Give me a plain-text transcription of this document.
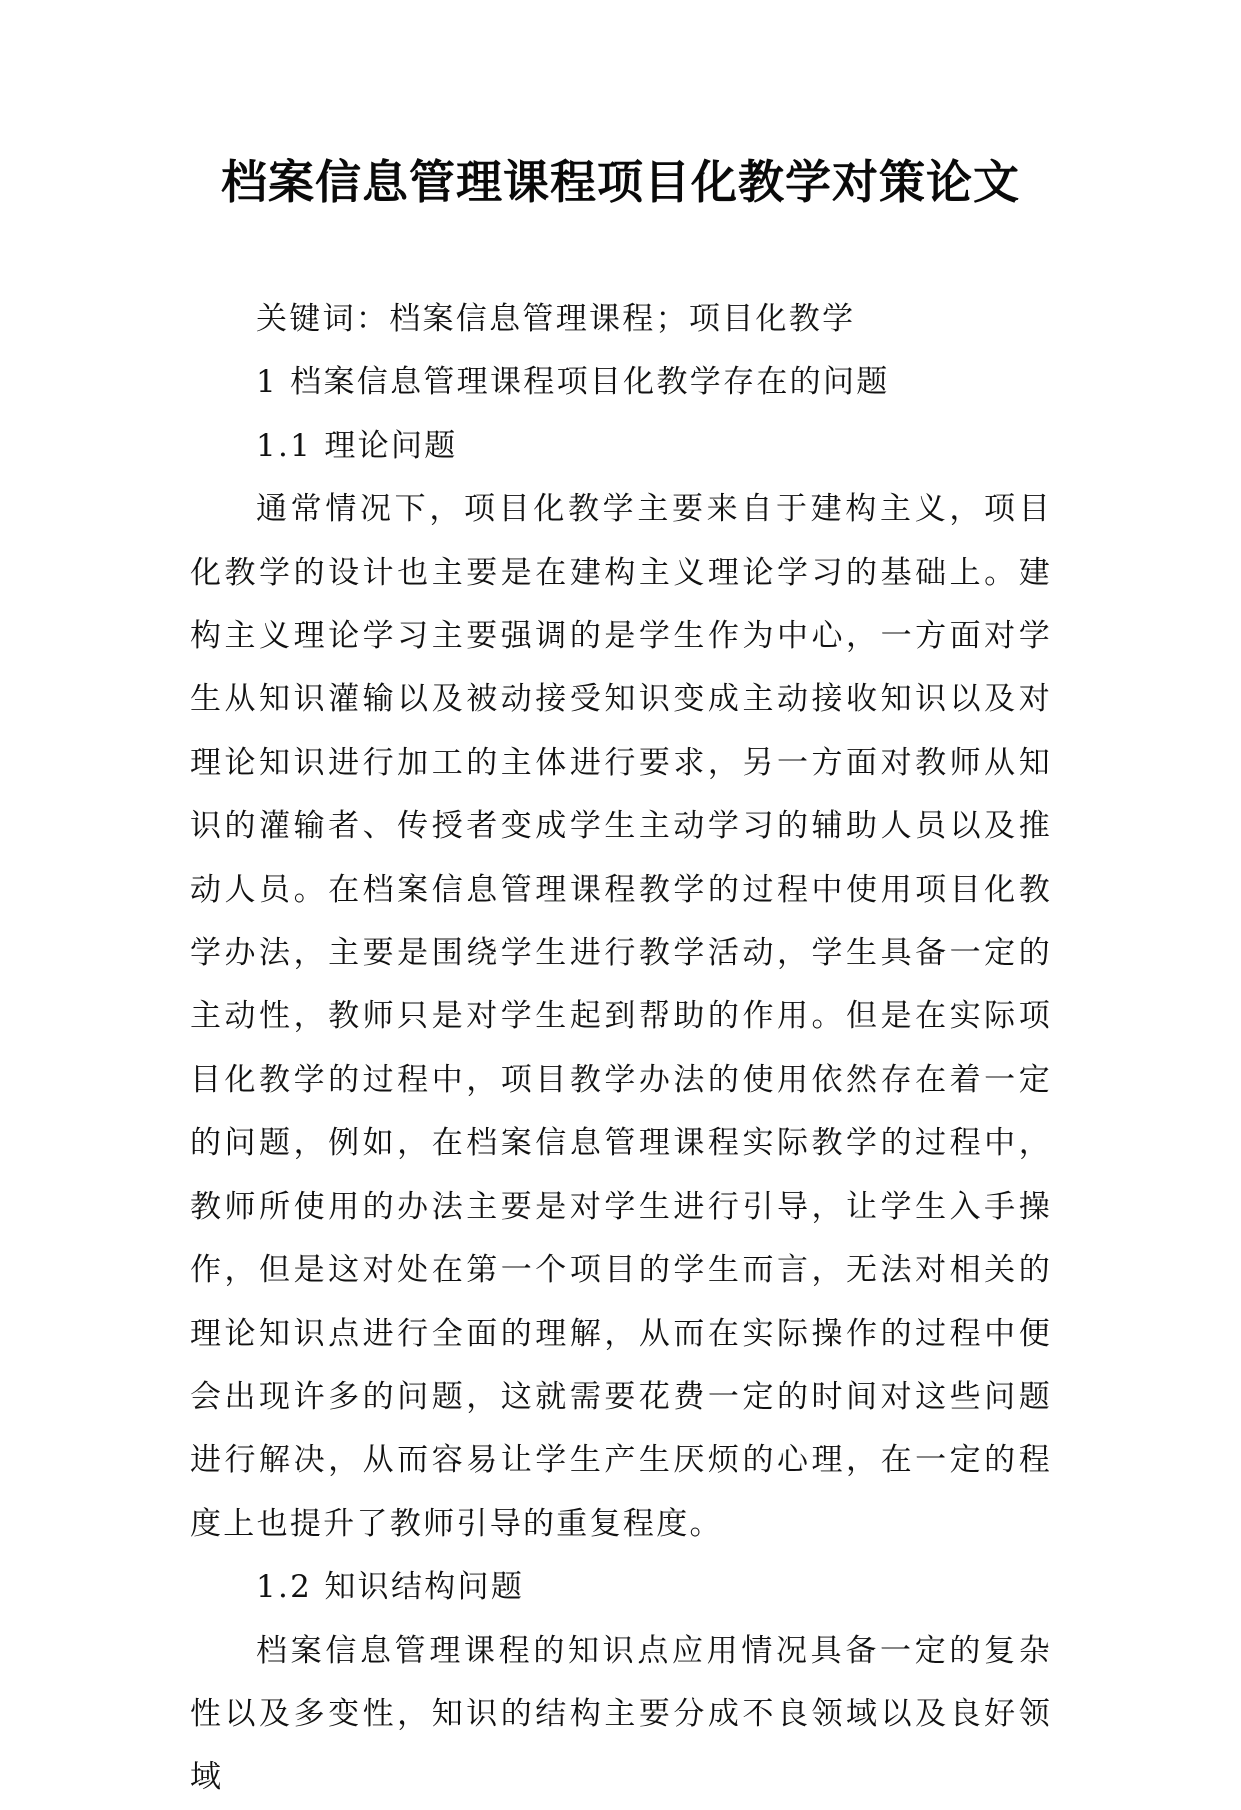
档案信息管理课程项目化教学对策论文

关键词：档案信息管理课程；项目化教学

1 档案信息管理课程项目化教学存在的问题

1.1 理论问题

通常情况下，项目化教学主要来自于建构主义，项目化教学的设计也主要是在建构主义理论学习的基础上。建构主义理论学习主要强调的是学生作为中心，一方面对学生从知识灌输以及被动接受知识变成主动接收知识以及对理论知识进行加工的主体进行要求，另一方面对教师从知识的灌输者、传授者变成学生主动学习的辅助人员以及推动人员。在档案信息管理课程教学的过程中使用项目化教学办法，主要是围绕学生进行教学活动，学生具备一定的主动性，教师只是对学生起到帮助的作用。但是在实际项目化教学的过程中，项目教学办法的使用依然存在着一定的问题，例如，在档案信息管理课程实际教学的过程中，教师所使用的办法主要是对学生进行引导，让学生入手操作，但是这对处在第一个项目的学生而言，无法对相关的理论知识点进行全面的理解，从而在实际操作的过程中便会出现许多的问题，这就需要花费一定的时间对这些问题进行解决，从而容易让学生产生厌烦的心理，在一定的程度上也提升了教师引导的重复程度。

1.2 知识结构问题

档案信息管理课程的知识点应用情况具备一定的复杂性以及多变性，知识的结构主要分成不良领域以及良好领域
